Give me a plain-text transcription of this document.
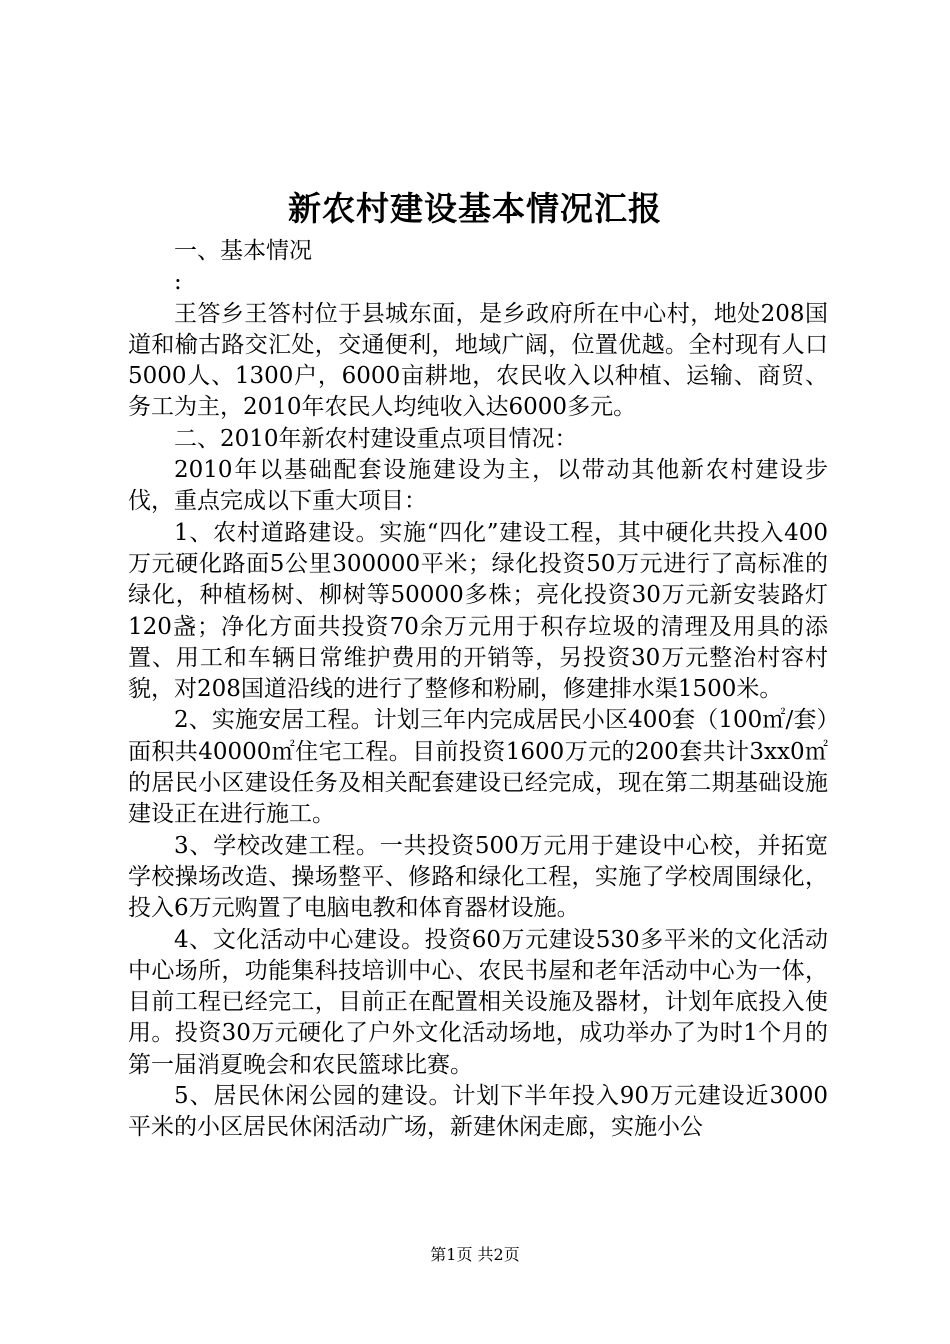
新农村建设基本情况汇报

一、基本情况

:

王答乡王答村位于县城东面，是乡政府所在中心村，地处208国道和榆古路交汇处，交通便利，地域广阔，位置优越。全村现有人口5000人、1300户，6000亩耕地，农民收入以种植、运输、商贸、务工为主，2010年农民人均纯收入达6000多元。

二、2010年新农村建设重点项目情况：

2010年以基础配套设施建设为主，以带动其他新农村建设步伐，重点完成以下重大项目：

1、农村道路建设。实施“四化”建设工程，其中硬化共投入400万元硬化路面5公里300000平米；绿化投资50万元进行了高标准的绿化，种植杨树、柳树等50000多株；亮化投资30万元新安装路灯120盏；净化方面共投资70余万元用于积存垃圾的清理及用具的添置、用工和车辆日常维护费用的开销等，另投资30万元整治村容村貌，对208国道沿线的进行了整修和粉刷，修建排水渠1500米。

2、实施安居工程。计划三年内完成居民小区400套（100㎡/套）面积共40000㎡住宅工程。目前投资1600万元的200套共计3xx0㎡的居民小区建设任务及相关配套建设已经完成，现在第二期基础设施建设正在进行施工。

3、学校改建工程。一共投资500万元用于建设中心校，并拓宽学校操场改造、操场整平、修路和绿化工程，实施了学校周围绿化，投入6万元购置了电脑电教和体育器材设施。

4、文化活动中心建设。投资60万元建设530多平米的文化活动中心场所，功能集科技培训中心、农民书屋和老年活动中心为一体，目前工程已经完工，目前正在配置相关设施及器材，计划年底投入使用。投资30万元硬化了户外文化活动场地，成功举办了为时1个月的第一届消夏晚会和农民篮球比赛。

5、居民休闲公园的建设。计划下半年投入90万元建设近3000平米的小区居民休闲活动广场，新建休闲走廊，实施小公

第1页 共2页
